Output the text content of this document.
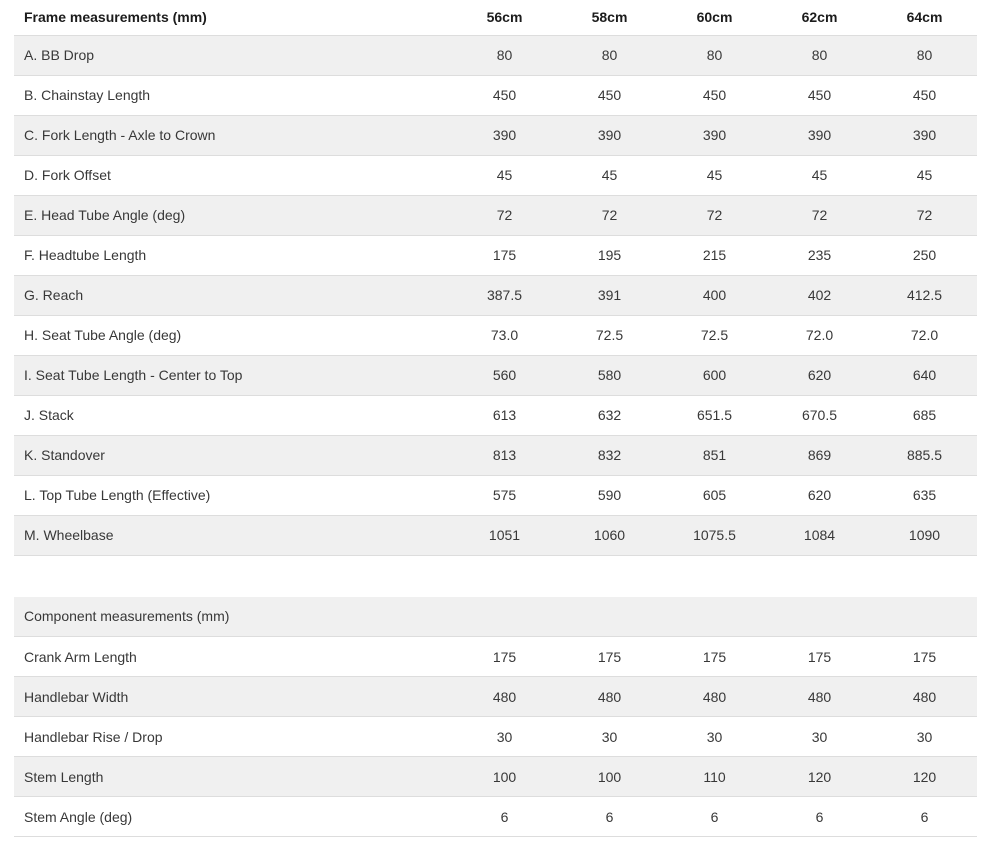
Frame measurements (mm)	56cm	58cm	60cm	62cm	64cm
A. BB Drop	80	80	80	80	80
B. Chainstay Length	450	450	450	450	450
C. Fork Length - Axle to Crown	390	390	390	390	390
D. Fork Offset	45	45	45	45	45
E. Head Tube Angle (deg)	72	72	72	72	72
F. Headtube Length	175	195	215	235	250
G. Reach	387.5	391	400	402	412.5
H. Seat Tube Angle (deg)	73.0	72.5	72.5	72.0	72.0
I. Seat Tube Length - Center to Top	560	580	600	620	640
J. Stack	613	632	651.5	670.5	685
K. Standover	813	832	851	869	885.5
L. Top Tube Length (Effective)	575	590	605	620	635
M. Wheelbase	1051	1060	1075.5	1084	1090
Component measurements (mm)					
Crank Arm Length	175	175	175	175	175
Handlebar Width	480	480	480	480	480
Handlebar Rise / Drop	30	30	30	30	30
Stem Length	100	100	110	120	120
Stem Angle (deg)	6	6	6	6	6
